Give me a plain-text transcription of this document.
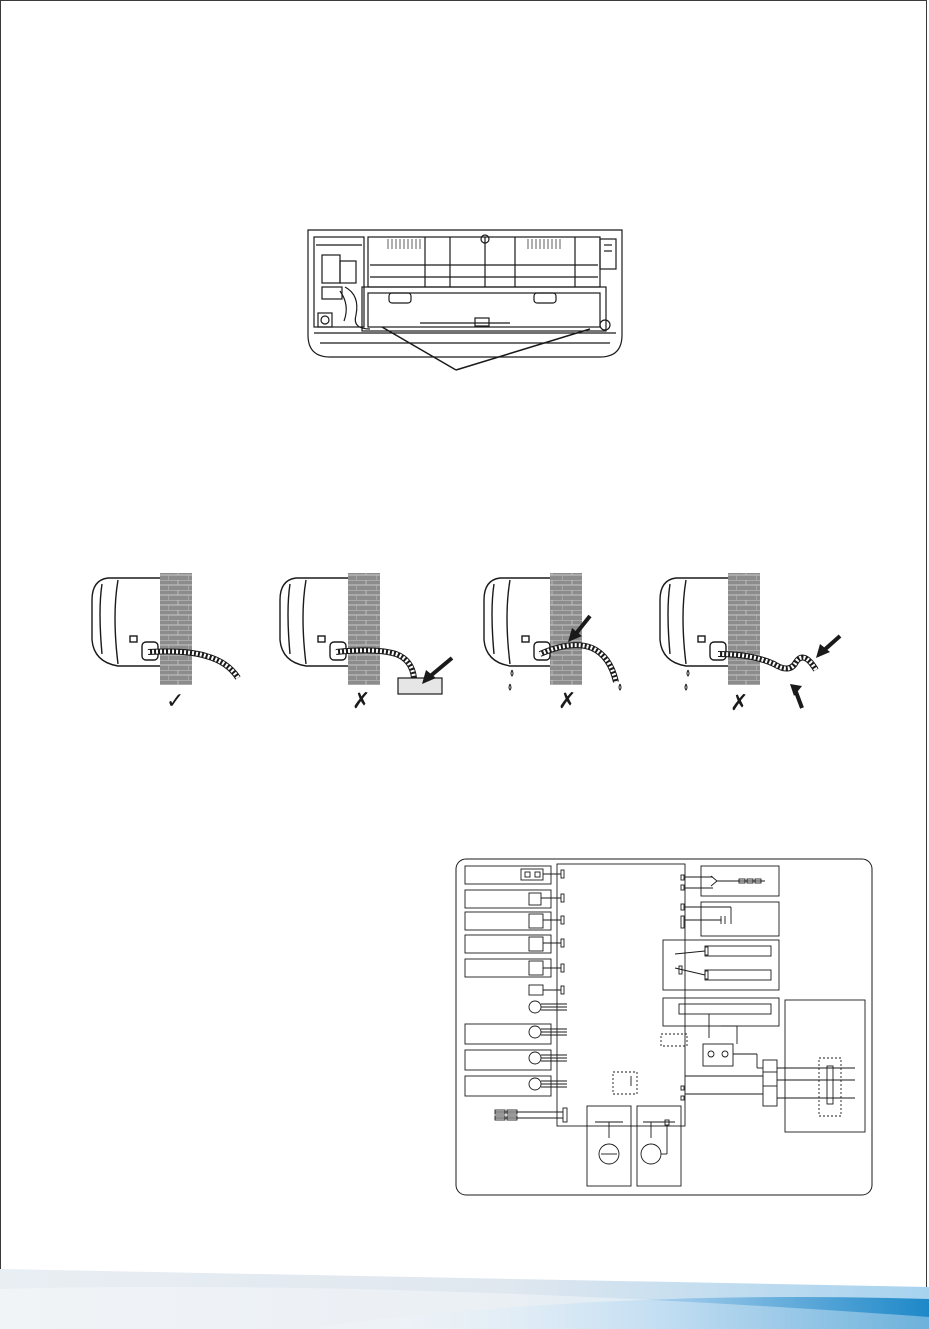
✓	✗	✗	✗
